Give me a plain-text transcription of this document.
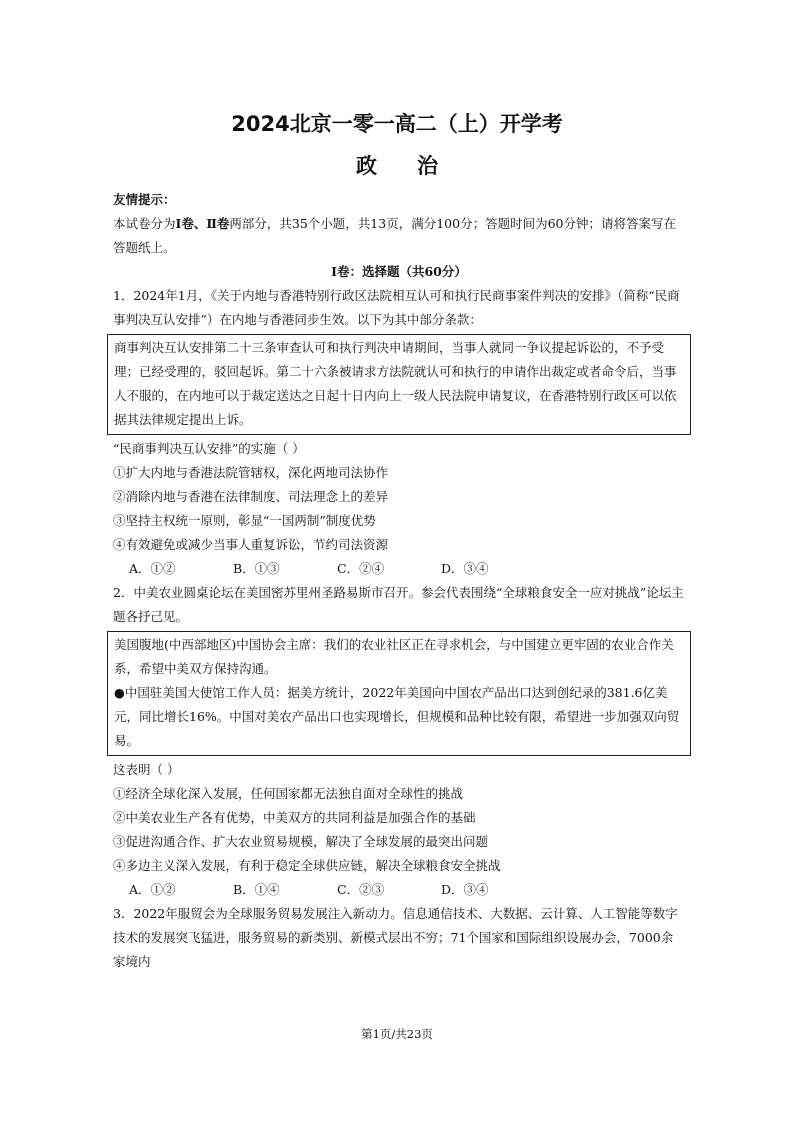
2024北京一零一高二（上）开学考
政治

友情提示：

本试卷分为Ⅰ卷、Ⅱ卷两部分，共35个小题，共13页，满分100分；答题时间为60分钟；请将答案写在答题纸上。

Ⅰ卷：选择题（共60分）

1．2024年1月，《关于内地与香港特别行政区法院相互认可和执行民商事案件判决的安排》（简称“民商事判决互认安排”）在内地与香港同步生效。以下为其中部分条款：

商事判决互认安排第二十三条审查认可和执行判决申请期间，当事人就同一争议提起诉讼的，不予受理；已经受理的，驳回起诉。第二十六条被请求方法院就认可和执行的申请作出裁定或者命令后，当事人不服的，在内地可以于裁定送达之日起十日内向上一级人民法院申请复议，在香港特别行政区可以依据其法律规定提出上诉。

“民商事判决互认安排”的实施（ ）

①扩大内地与香港法院管辖权，深化两地司法协作

②消除内地与香港在法律制度、司法理念上的差异

③坚持主权统一原则，彰显“一国两制”制度优势

④有效避免或减少当事人重复诉讼，节约司法资源

A．①②	B．①③	C．②④	D．③④

2．中美农业圆桌论坛在美国密苏里州圣路易斯市召开。参会代表围绕“全球粮食安全一应对挑战”论坛主题各抒己见。

美国腹地(中西部地区)中国协会主席：我们的农业社区正在寻求机会，与中国建立更牢固的农业合作关系，希望中美双方保持沟通。

●中国驻美国大使馆工作人员：据美方统计，2022年美国向中国农产品出口达到创纪录的381.6亿美元，同比增长16%。中国对美农产品出口也实现增长，但规模和品种比较有限，希望进一步加强双向贸易。

这表明（ ）

①经济全球化深入发展，任何国家都无法独自面对全球性的挑战

②中美农业生产各有优势，中美双方的共同利益是加强合作的基础

③促进沟通合作、扩大农业贸易规模，解决了全球发展的最突出问题

④多边主义深入发展，有利于稳定全球供应链，解决全球粮食安全挑战

A．①②	B．①④	C．②③	D．③④

3．2022年服贸会为全球服务贸易发展注入新动力。信息通信技术、大数据、云计算、人工智能等数字技术的发展突飞猛进，服务贸易的新类别、新模式层出不穷；71个国家和国际组织设展办会，7000余家境内

第1页/共23页
